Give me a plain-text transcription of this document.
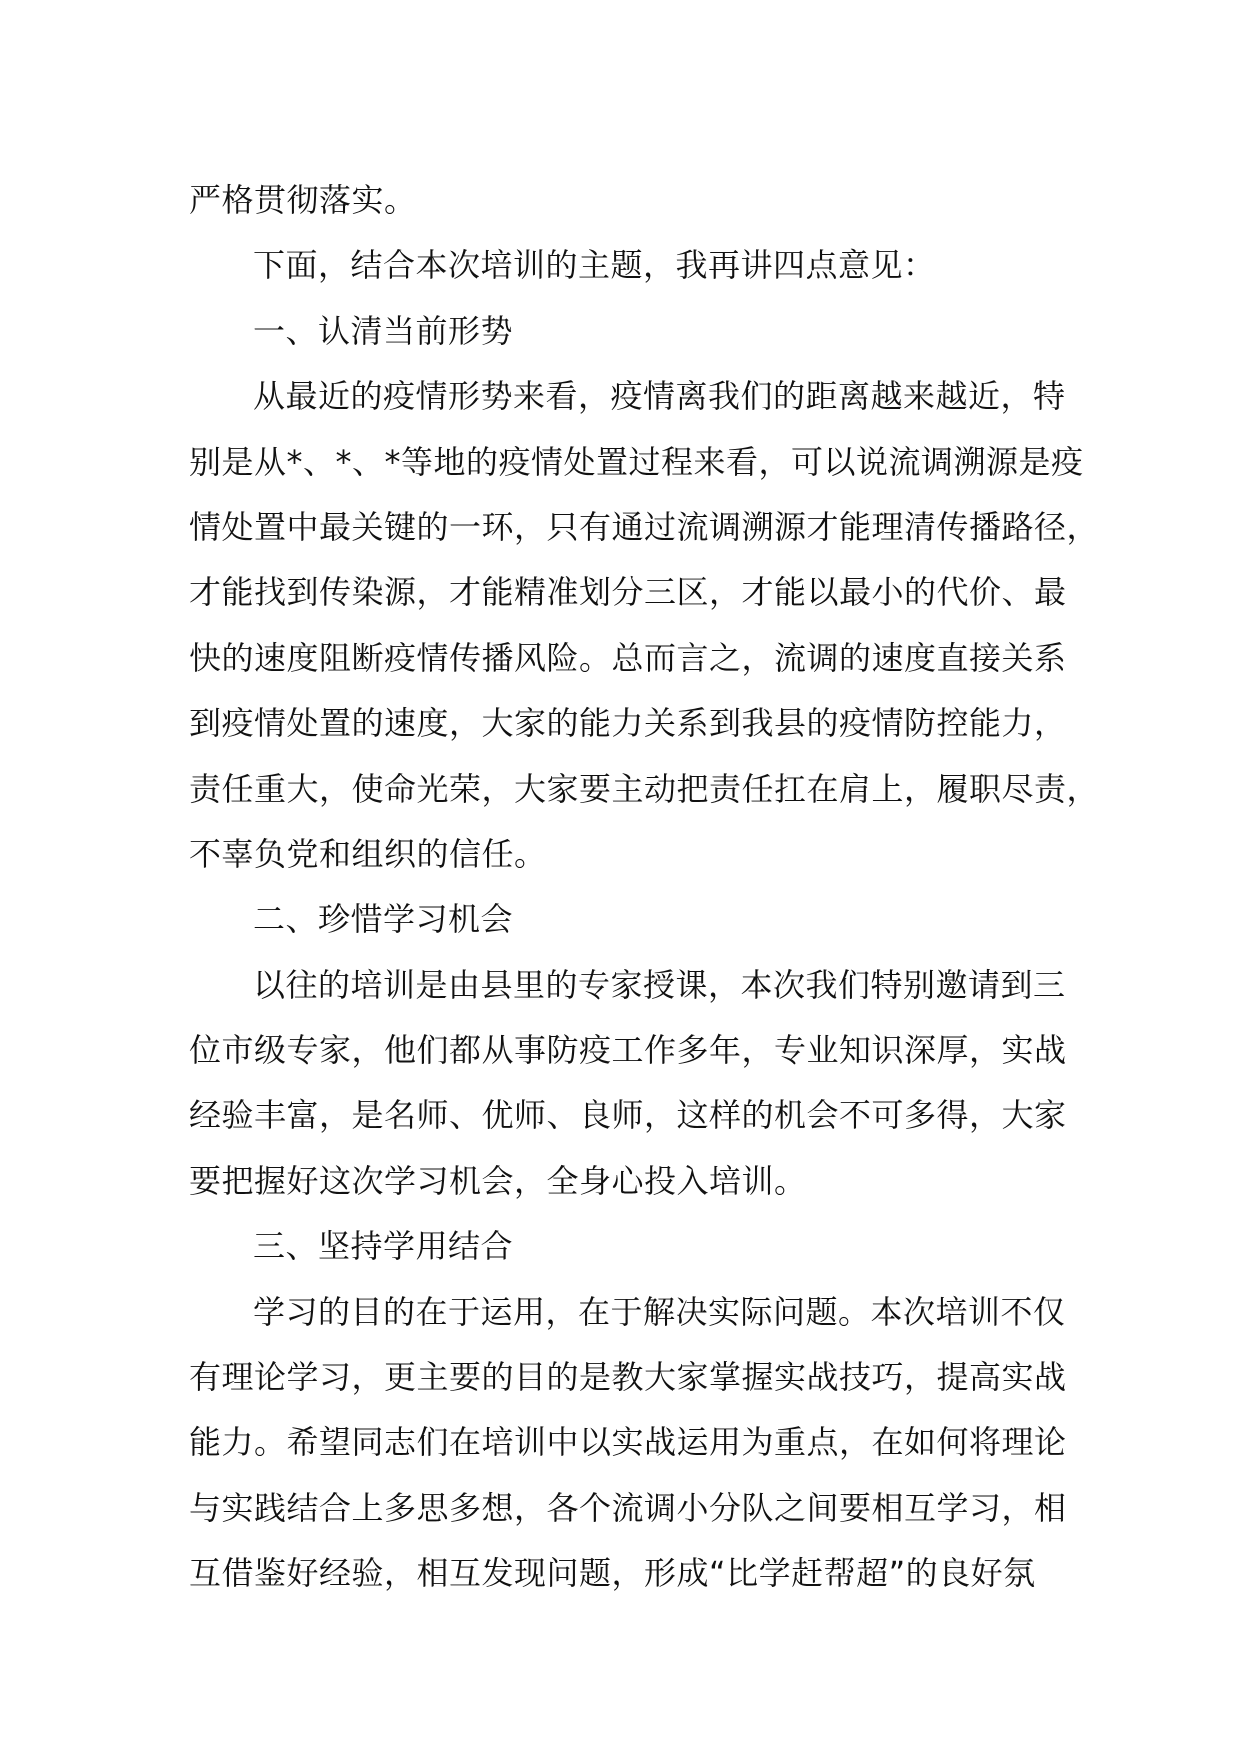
严格贯彻落实。
下面，结合本次培训的主题，我再讲四点意见：
一、认清当前形势
从最近的疫情形势来看，疫情离我们的距离越来越近，特
别是从*、*、*等地的疫情处置过程来看，可以说流调溯源是疫
情处置中最关键的一环，只有通过流调溯源才能理清传播路径，
才能找到传染源，才能精准划分三区，才能以最小的代价、最
快的速度阻断疫情传播风险。总而言之，流调的速度直接关系
到疫情处置的速度，大家的能力关系到我县的疫情防控能力，
责任重大，使命光荣，大家要主动把责任扛在肩上，履职尽责，
不辜负党和组织的信任。
二、珍惜学习机会
以往的培训是由县里的专家授课，本次我们特别邀请到三
位市级专家，他们都从事防疫工作多年，专业知识深厚，实战
经验丰富，是名师、优师、良师，这样的机会不可多得，大家
要把握好这次学习机会，全身心投入培训。
三、坚持学用结合
学习的目的在于运用，在于解决实际问题。本次培训不仅
有理论学习，更主要的目的是教大家掌握实战技巧，提高实战
能力。希望同志们在培训中以实战运用为重点，在如何将理论
与实践结合上多思多想，各个流调小分队之间要相互学习，相
互借鉴好经验，相互发现问题，形成“比学赶帮超”的良好氛
